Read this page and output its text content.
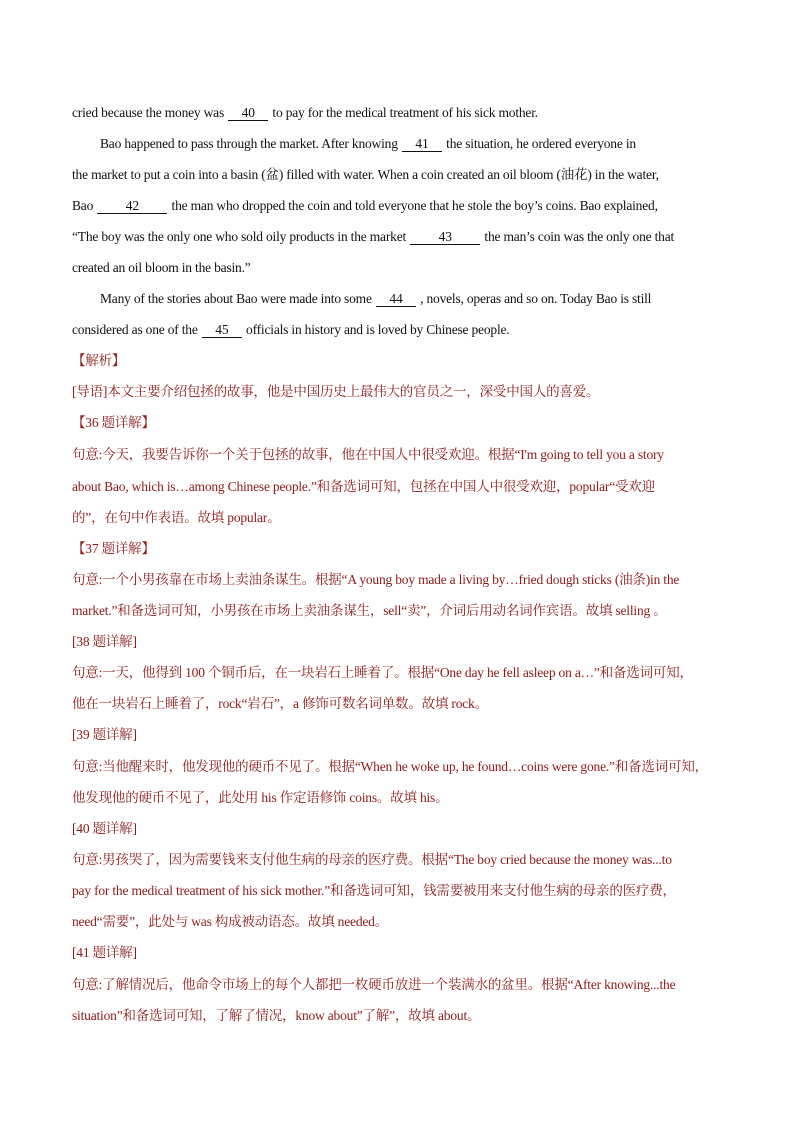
cried because the money was 40 to pay for the medical treatment of his sick mother.
Bao happened to pass through the market. After knowing 41 the situation, he ordered everyone in
the market to put a coin into a basin (盆) filled with water. When a coin created an oil bloom (油花) in the water,
Bao 42 the man who dropped the coin and told everyone that he stole the boy’s coins. Bao explained,
“The boy was the only one who sold oily products in the market 43 the man’s coin was the only one that
created an oil bloom in the basin.”
Many of the stories about Bao were made into some 44 , novels, operas and so on. Today Bao is still
considered as one of the 45 officials in history and is loved by Chinese people.
【解析】
[导语]本文主要介绍包拯的故事，他是中国历史上最伟大的官员之一，深受中国人的喜爱。
【36 题详解】
句意:今天，我要告诉你一个关于包拯的故事，他在中国人中很受欢迎。根据“I'm going to tell you a story
about Bao, which is…among Chinese people.”和备选词可知，包拯在中国人中很受欢迎，popular“受欢迎
的”，在句中作表语。故填 popular。
【37 题详解】
句意:一个小男孩靠在市场上卖油条谋生。根据“A young boy made a living by…fried dough sticks (油条)in the
market.”和备选词可知，小男孩在市场上卖油条谋生，sell“卖”，介词后用动名词作宾语。故填 selling 。
[38 题详解]
句意:一天，他得到 100 个铜币后，在一块岩石上睡着了。根据“One day he fell asleep on a…”和备选词可知，
他在一块岩石上睡着了，rock“岩石”，a 修饰可数名词单数。故填 rock。
[39 题详解]
句意:当他醒来时，他发现他的硬币不见了。根据“When he woke up, he found…coins were gone.”和备选词可知，
他发现他的硬币不见了，此处用 his 作定语修饰 coins。故填 his。
[40 题详解]
句意:男孩哭了，因为需要钱来支付他生病的母亲的医疗费。根据“The boy cried because the money was...to
pay for the medical treatment of his sick mother.”和备选词可知，钱需要被用来支付他生病的母亲的医疗费，
need“需要”，此处与 was 构成被动语态。故填 needed。
[41 题详解]
句意:了解情况后，他命令市场上的每个人都把一枚硬币放进一个装满水的盆里。根据“After knowing...the
situation”和备选词可知，了解了情况，know about”了解”，故填 about。
